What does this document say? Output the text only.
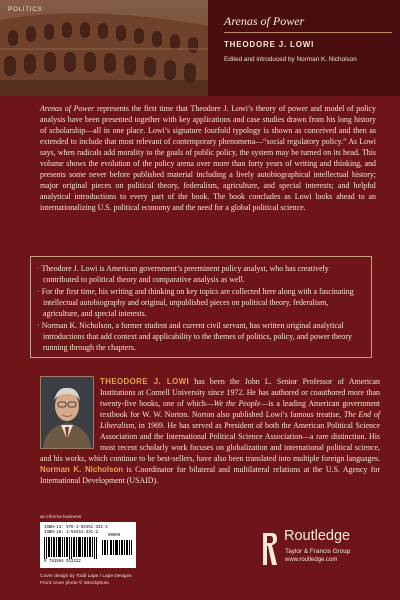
POLITICS
Arenas of Power
THEODORE J. LOWI
Edited and introduced by Norman K. Nicholson
Arenas of Power represents the first time that Theodore J. Lowi’s theory of power and model of policy analysis have been presented together with key applications and case studies drawn from his long history of scholarship—all in one place. Lowi’s signature fourfold typology is shown as conceived and then as extended to include that most relevant of contemporary phenomena—“social regulatory policy.” As Lowi says, when radicals add morality to the goals of public policy, the system may be turned on its head. This volume shows the evolution of the policy arena over more than forty years of writing and thinking, and presents some never before published material including a lively autobiographical intellectual history; major original pieces on political theory, federalism, agriculture, and special interests; and helpful analytical introductions to every part of the book. The book concludes as Lowi looks ahead to an internationalizing U.S. political economy and the need for a global political science.
· Theodore J. Lowi is American government’s preeminent policy analyst, who has creatively contributed to political theory and comparative analysis as well.
· For the first time, his writing and thinking on key topics are collected here along with a fascinating intellectual autobiography and original, unpublished pieces on political theory, federalism, agriculture, and special interests.
· Norman K. Nicholson, a former student and current civil servant, has written original analytical introductions that add context and applicability to the themes of politics, policy, and power theory running through the chapters.
THEODORE J. LOWI has been the John L. Senior Professor of American Institutions at Cornell University since 1972. He has authored or coauthored more than twenty-five books, one of which—We the People—is a leading American government textbook for W. W. Norton. Norton also published Lowi’s famous treatise, The End of Liberalism, in 1969. He has served as President of both the American Political Science Association and the International Political Science Association—a rare distinction. His most recent scholarly work focuses on globalization and international political science, and his works, which continue to be best-sellers, have also been translated into multiple foreign languages. Norman K. Nicholson is Coordinator for bilateral and multilateral relations at the U.S. Agency for International Development (USAID).
an informa business
ISBN-13: 978-1-59451-331-2
ISBN-10: 1-59451-331-2
90000
9 781594 513312
Cover design by Todd Lape / Lape Designs
Front cover photo © iStockphoto
Routledge
Taylor & Francis Group
www.routledge.com
